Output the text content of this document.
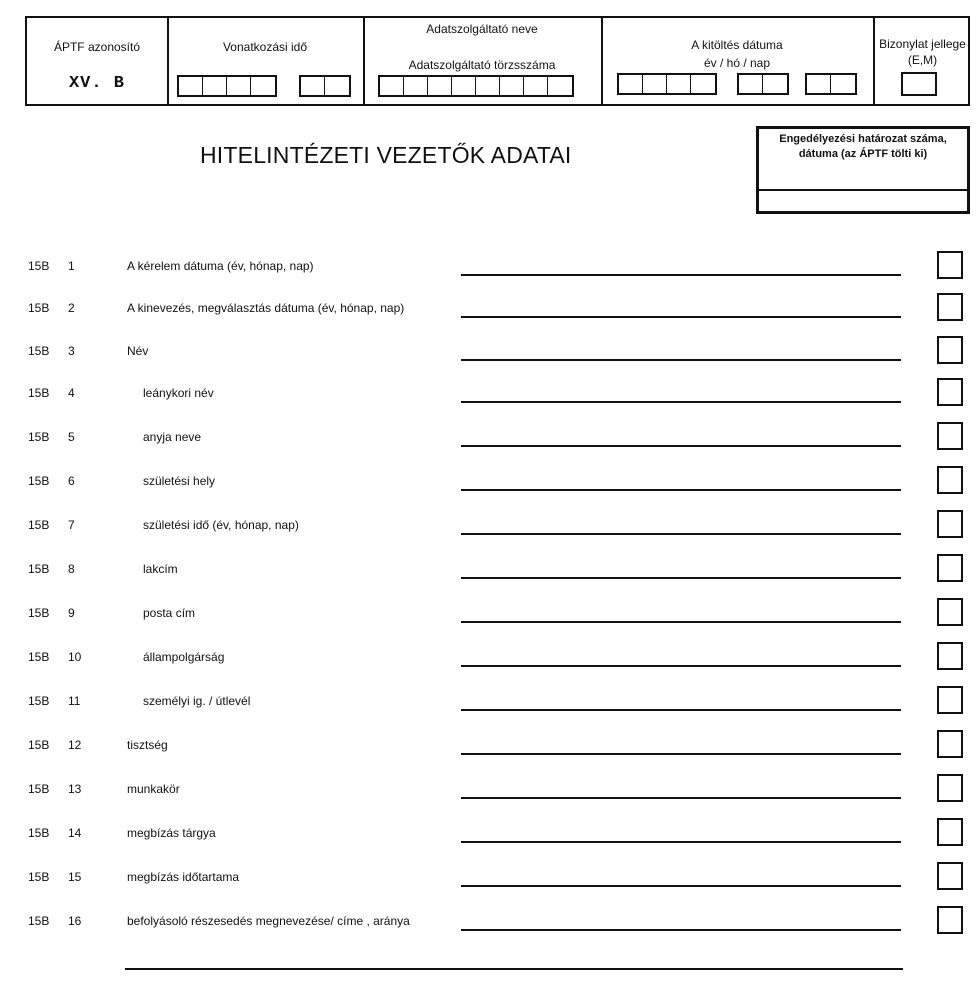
ÁPTF azonosító
XV. B
Vonatkozási idő
Adatszolgáltató neve
Adatszolgáltató törzsszáma
A kitöltés dátuma
év / hó / nap
Bizonylat jellege (E,M)
HITELINTÉZETI VEZETŐK ADATAI
Engedélyezési határozat száma,
dátuma (az ÁPTF tölti ki)
15B 1	A kérelem dátuma (év, hónap, nap)
15B 2	A kinevezés, megválasztás dátuma (év, hónap, nap)
15B 3	Név
15B 4	leánykori név
15B 5	anyja neve
15B 6	születési hely
15B 7	születési idő (év, hónap, nap)
15B 8	lakcím
15B 9	posta cím
15B 10	állampolgárság
15B 11	személyi ig. / útlevél
15B 12	tisztség
15B 13	munkakör
15B 14	megbízás tárgya
15B 15	megbízás időtartama
15B 16	befolyásoló részesedés megnevezése/ címe , aránya
